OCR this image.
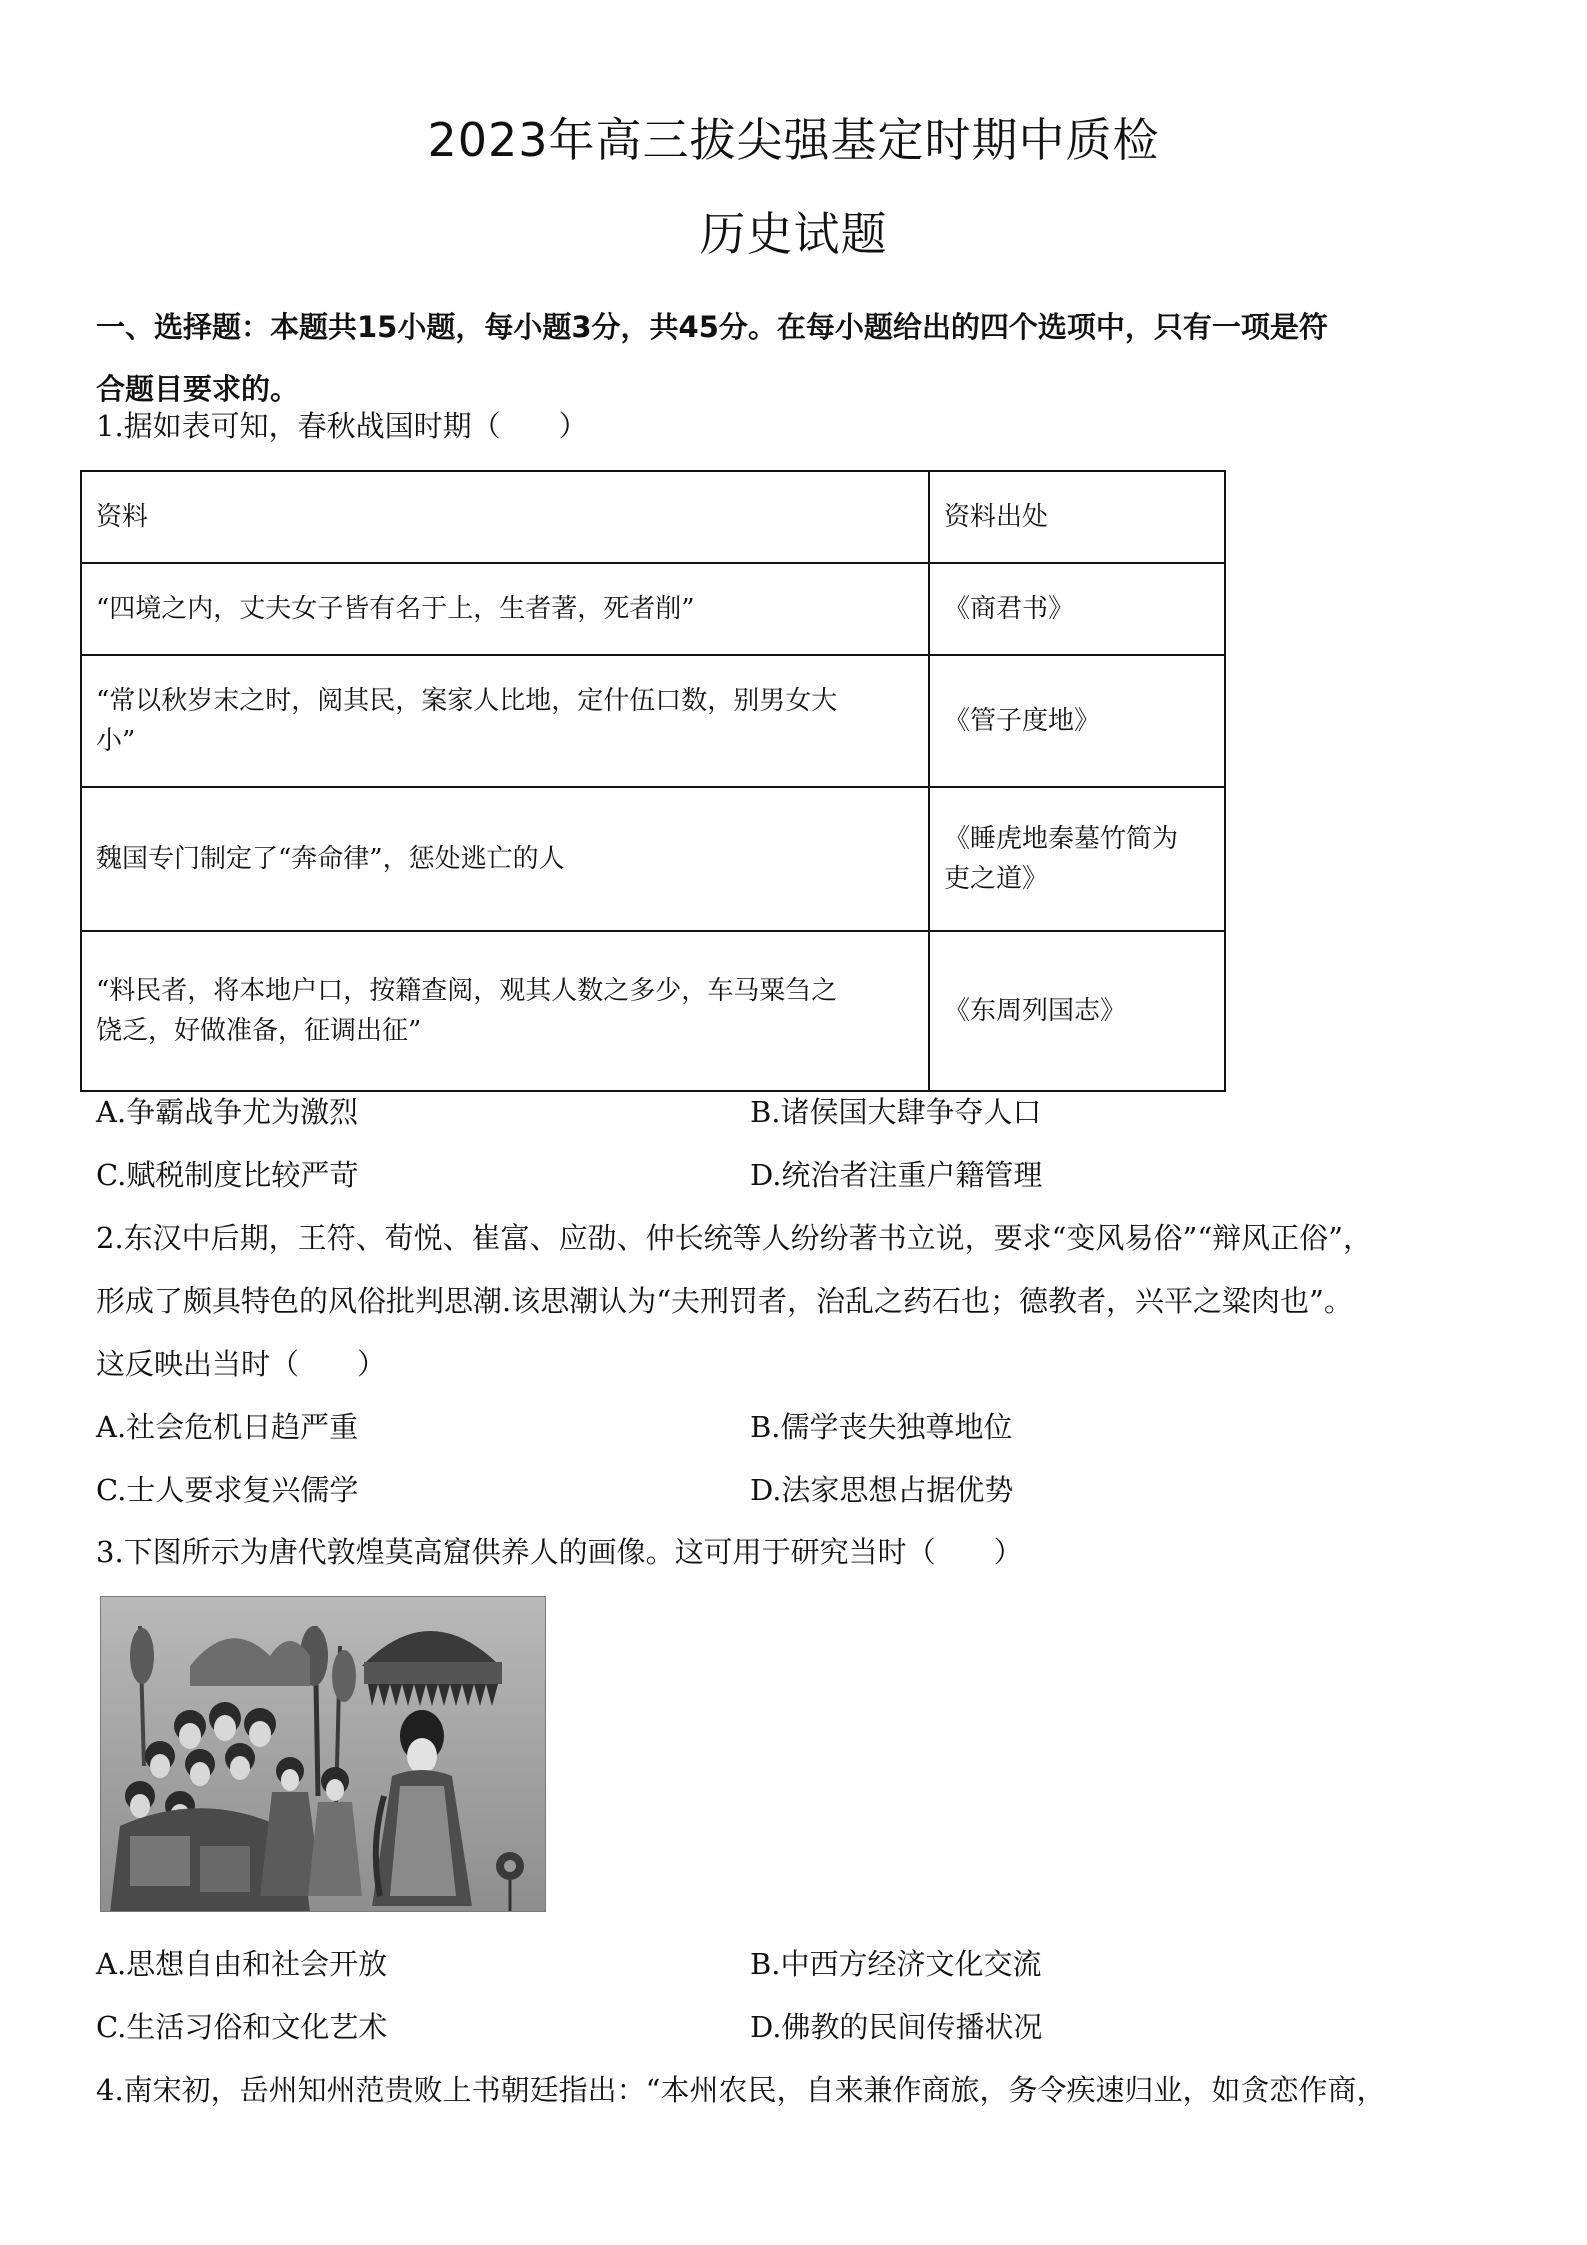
2023年高三拔尖强基定时期中质检
历史试题
一、选择题：本题共15小题，每小题3分，共45分。在每小题给出的四个选项中，只有一项是符
合题目要求的。
1.据如表可知，春秋战国时期（　　）
资料	资料出处

“四境之内，丈夫女子皆有名于上，生者著，死者削”	《商君书》

“常以秋岁末之时，阅其民，案家人比地，定什伍口数，别男女大
小”	《管子度地》

魏国专门制定了“奔命律”，惩处逃亡的人	《睡虎地秦墓竹简为
吏之道》

“料民者，将本地户口，按籍查阅，观其人数之多少，车马粟刍之
饶乏，好做准备，征调出征”	《东周列国志》
A.争霸战争尤为激烈	B.诸侯国大肆争夺人口
C.赋税制度比较严苛	D.统治者注重户籍管理
2.东汉中后期，王符、荀悦、崔富、应劭、仲长统等人纷纷著书立说，要求“变风易俗”“辩风正俗”，
形成了颇具特色的风俗批判思潮.该思潮认为“夫刑罚者，治乱之药石也；德教者，兴平之粱肉也”。
这反映出当时（　　）
A.社会危机日趋严重	B.儒学丧失独尊地位
C.士人要求复兴儒学	D.法家思想占据优势
3.下图所示为唐代敦煌莫高窟供养人的画像。这可用于研究当时（　　）
A.思想自由和社会开放	B.中西方经济文化交流
C.生活习俗和文化艺术	D.佛教的民间传播状况
4.南宋初，岳州知州范贵败上书朝廷指出：“本州农民，自来兼作商旅，务令疾速归业，如贪恋作商，
